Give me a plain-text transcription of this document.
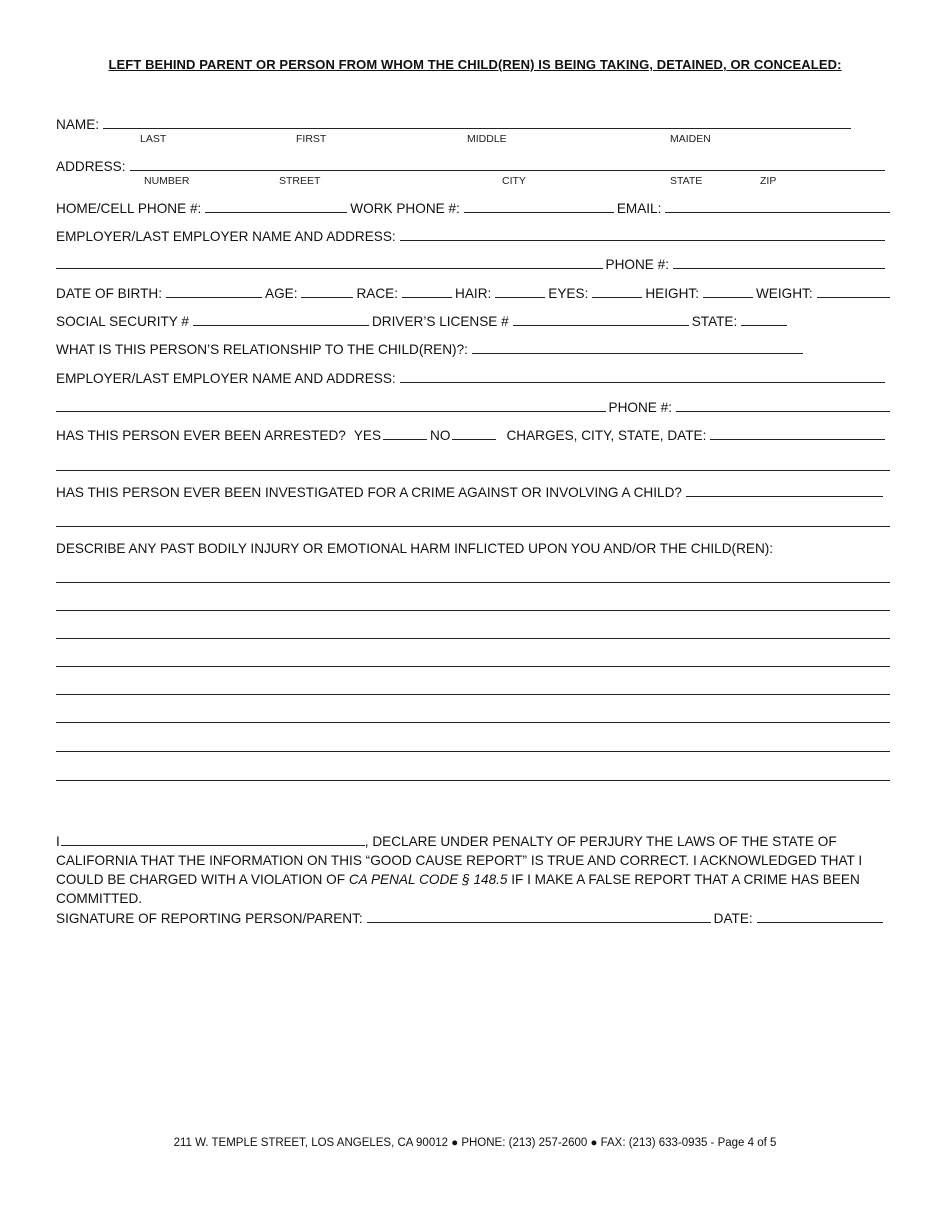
LEFT BEHIND PARENT OR PERSON FROM WHOM THE CHILD(REN) IS BEING TAKING, DETAINED, OR CONCEALED:
NAME:
LAST	FIRST	MIDDLE	MAIDEN
ADDRESS:
NUMBER	STREET	CITY	STATE	ZIP
HOME/CELL PHONE #:	WORK PHONE #:	EMAIL:
EMPLOYER/LAST EMPLOYER NAME AND ADDRESS:
PHONE #:
DATE OF BIRTH:	AGE:	RACE:	HAIR:	EYES:	HEIGHT:	WEIGHT:
SOCIAL SECURITY #	DRIVER’S LICENSE #	STATE:
WHAT IS THIS PERSON’S RELATIONSHIP TO THE CHILD(REN)?:
EMPLOYER/LAST EMPLOYER NAME AND ADDRESS:
PHONE #:
HAS THIS PERSON EVER BEEN ARRESTED? YES	NO	CHARGES, CITY, STATE, DATE:
HAS THIS PERSON EVER BEEN INVESTIGATED FOR A CRIME AGAINST OR INVOLVING A CHILD?
DESCRIBE ANY PAST BODILY INJURY OR EMOTIONAL HARM INFLICTED UPON YOU AND/OR THE CHILD(REN):
I	, DECLARE UNDER PENALTY OF PERJURY THE LAWS OF THE STATE OF CALIFORNIA THAT THE INFORMATION ON THIS “GOOD CAUSE REPORT” IS TRUE AND CORRECT. I ACKNOWLEDGED THAT I COULD BE CHARGED WITH A VIOLATION OF CA PENAL CODE § 148.5 IF I MAKE A FALSE REPORT THAT A CRIME HAS BEEN COMMITTED.
SIGNATURE OF REPORTING PERSON/PARENT:	DATE:
211 W. TEMPLE STREET, LOS ANGELES, CA 90012 ● PHONE: (213) 257-2600 ● FAX: (213) 633-0935 - Page 4 of 5
